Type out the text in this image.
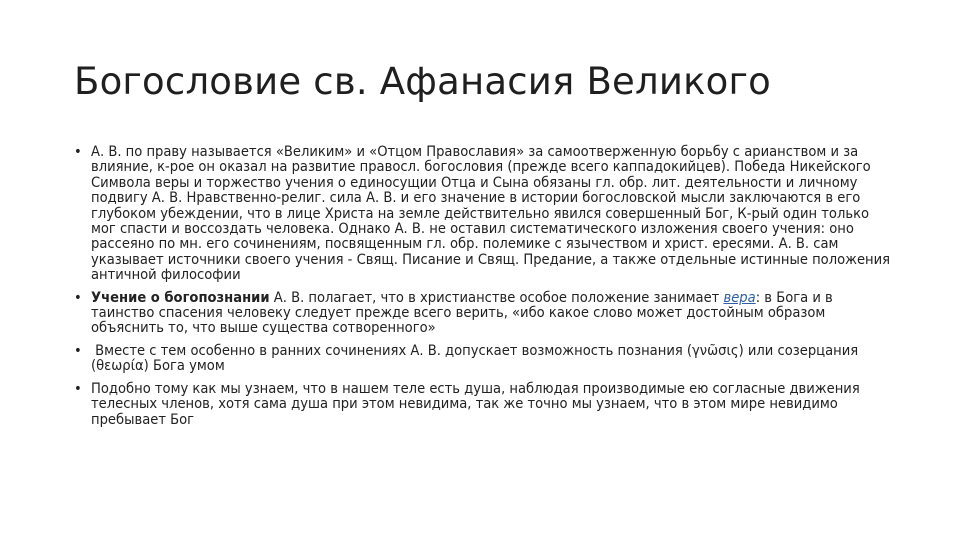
Богословие св. Афанасия Великого
• А. В. по праву называется «Великим» и «Отцом Православия» за самоотверженную борьбу с арианством и за влияние, к-рое он оказал на развитие правосл. богословия (прежде всего каппадокийцев). Победа Никейского Символа веры и торжество учения о единосущии Отца и Сына обязаны гл. обр. лит. деятельности и личному подвигу А. В. Нравственно-религ. сила А. В. и его значение в истории богословской мысли заключаются в его глубоком убеждении, что в лице Христа на земле действительно явился совершенный Бог, К-рый один только мог спасти и воссоздать человека. Однако А. В. не оставил систематического изложения своего учения: оно рассеяно по мн. его сочинениям, посвященным гл. обр. полемике с язычеством и христ. ересями. А. В. сам указывает источники своего учения - Свящ. Писание и Свящ. Предание, а также отдельные истинные положения античной философии
• Учение о богопознании А. В. полагает, что в христианстве особое положение занимает вера: в Бога и в таинство спасения человеку следует прежде всего верить, «ибо какое слово может достойным образом объяснить то, что выше существа сотворенного»
• Вместе с тем особенно в ранних сочинениях А. В. допускает возможность познания (γνῶσις) или созерцания (θεωρία) Бога умом
• Подобно тому как мы узнаем, что в нашем теле есть душа, наблюдая производимые ею согласные движения телесных членов, хотя сама душа при этом невидима, так же точно мы узнаем, что в этом мире невидимо пребывает Бог
